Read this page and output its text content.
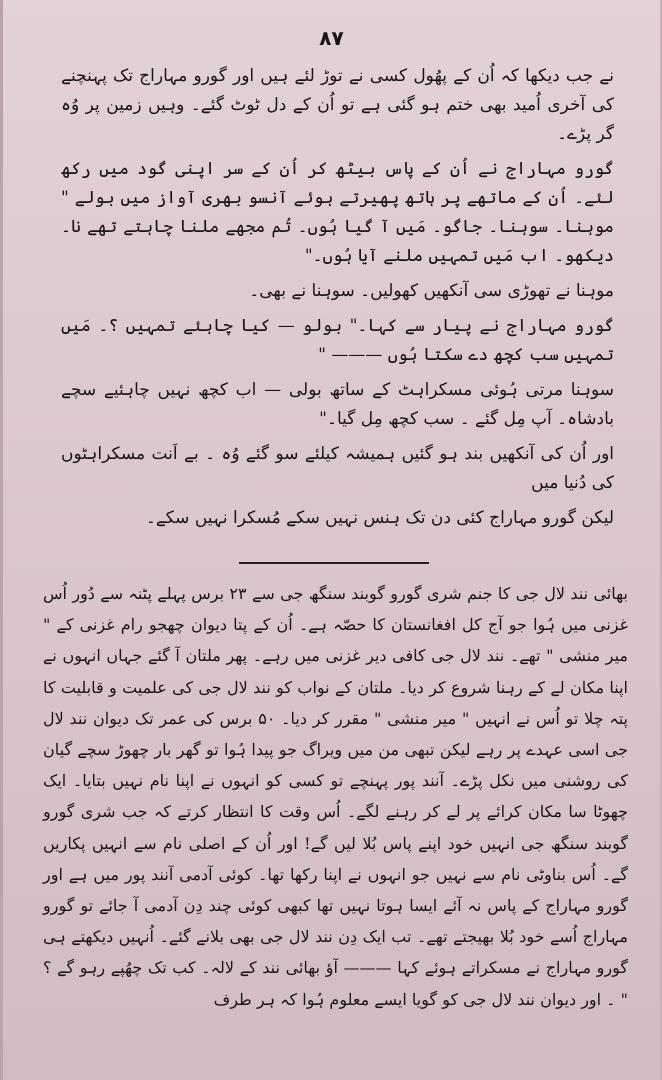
۸۷

نے جب دیکھا کہ اُن کے پھُول کسی نے توڑ لئے ہیں اور گورو مہاراج تک پہنچنے کی آخری اُمید بھی ختم ہو گئی ہے تو اُن کے دل ٹوٹ گئے۔ وہیں زمین پر وُہ گر پڑے۔

گورو مہاراج نے اُن کے پاس بیٹھ کر اُن کے سر اپنی گود میں رکھ لئے۔ اُن کے ماتھے پر ہاتھ پھیرتے ہوئے آنسو بھری آواز میں بولے " موہنا۔ سوہنا۔ جاگو۔ مَیں آ گیا ہُوں۔ تُم مجھے ملنا چاہتے تھے نا۔ دیکھو۔ اب مَیں تمہیں ملنے آیا ہُوں۔"

موہنا نے تھوڑی سی آنکھیں کھولیں۔ سوہنا نے بھی۔

گورو مہاراج نے پیار سے کہا۔" بولو — کیا چاہئے تمہیں ؟۔ مَیں تمہیں سب کچھ دے سکتا ہُوں ——— "

سوہنا مرتی ہُوئی مسکراہٹ کے ساتھ بولی — اب کچھ نہیں چاہئیے سچے بادشاہ۔ آپ مِل گئے ۔ سب کچھ مِل گیا۔"

اور اُن کی آنکھیں بند ہو گئیں ہمیشہ کیلئے سو گئے وُہ ۔ بے اَنت مسکراہٹوں کی دُنیا میں

لیکن گورو مہاراج کئی دن تک ہنس نہیں سکے مُسکرا نہیں سکے۔

بھائی نند لال جی کا جنم شری گورو گوبند سنگھ جی سے ۲۳ برس پہلے پٹنہ سے دُور اُس غزنی میں ہُوا جو آج کل افغانستان کا حصّہ ہے۔ اُن کے پتا دیوان چھجو رام غزنی کے " میر منشی " تھے۔ نند لال جی کافی دیر غزنی میں رہے۔ پھر ملتان آ گئے جہاں انہوں نے اپنا مکان لے کے رہنا شروع کر دیا۔ ملتان کے نواب کو نند لال جی کی علمیت و قابلیت کا پتہ چلا تو اُس نے انہیں " میر منشی " مقرر کر دیا۔ ۵۰ برس کی عمر تک دیوان نند لال جی اسی عہدے پر رہے لیکن تبھی من میں ویراگ جو پیدا ہُوا تو گھر بار چھوڑ سچے گیان کی روشنی میں نکل پڑے۔ آنند پور پہنچے تو کسی کو انہوں نے اپنا نام نہیں بتایا۔ ایک چھوٹا سا مکان کرائے پر لے کر رہنے لگے۔ اُس وقت کا انتظار کرتے کہ جب شری گورو گوبند سنگھ جی انہیں خود اپنے پاس بُلا لیں گے! اور اُن کے اصلی نام سے انہیں پکاریں گے۔ اُس بناوٹی نام سے نہیں جو انہوں نے اپنا رکھا تھا۔ کوئی آدمی آنند پور میں ہے اور گورو مہاراج کے پاس نہ آئے ایسا ہوتا نہیں تھا کبھی کوئی چند دِن آدمی آ جائے تو گورو مہاراج اُسے خود بُلا بھیجتے تھے۔ تب ایک دِن نند لال جی بھی بلانے گئے۔ اُنہیں دیکھتے ہی گورو مہاراج نے مسکراتے ہوئے کہا ——— آؤ بھائی نند کے لالہ۔ کب تک چھُپے رہو گے ؟ " ۔ اور دیوان نند لال جی کو گویا ایسے معلوم ہُوا کہ ہر طرف
